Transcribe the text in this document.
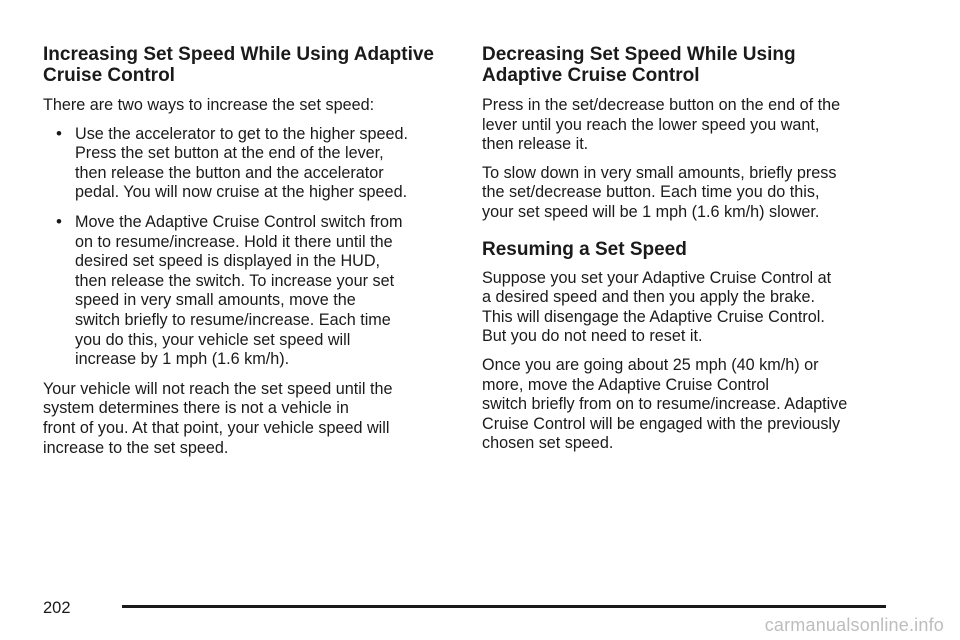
Increasing Set Speed While Using Adaptive
Cruise Control

There are two ways to increase the set speed:

• Use the accelerator to get to the higher speed.
Press the set button at the end of the lever,
then release the button and the accelerator
pedal. You will now cruise at the higher speed.
• Move the Adaptive Cruise Control switch from
on to resume/increase. Hold it there until the
desired set speed is displayed in the HUD,
then release the switch. To increase your set
speed in very small amounts, move the
switch brieﬂy to resume/increase. Each time
you do this, your vehicle set speed will
increase by 1 mph (1.6 km/h).

Your vehicle will not reach the set speed until the
system determines there is not a vehicle in
front of you. At that point, your vehicle speed will
increase to the set speed.

Decreasing Set Speed While Using
Adaptive Cruise Control

Press in the set/decrease button on the end of the
lever until you reach the lower speed you want,
then release it.

To slow down in very small amounts, brieﬂy press
the set/decrease button. Each time you do this,
your set speed will be 1 mph (1.6 km/h) slower.

Resuming a Set Speed

Suppose you set your Adaptive Cruise Control at
a desired speed and then you apply the brake.
This will disengage the Adaptive Cruise Control.
But you do not need to reset it.

Once you are going about 25 mph (40 km/h) or
more, move the Adaptive Cruise Control
switch brieﬂy from on to resume/increase. Adaptive
Cruise Control will be engaged with the previously
chosen set speed.

202
carmanualsonline.info
